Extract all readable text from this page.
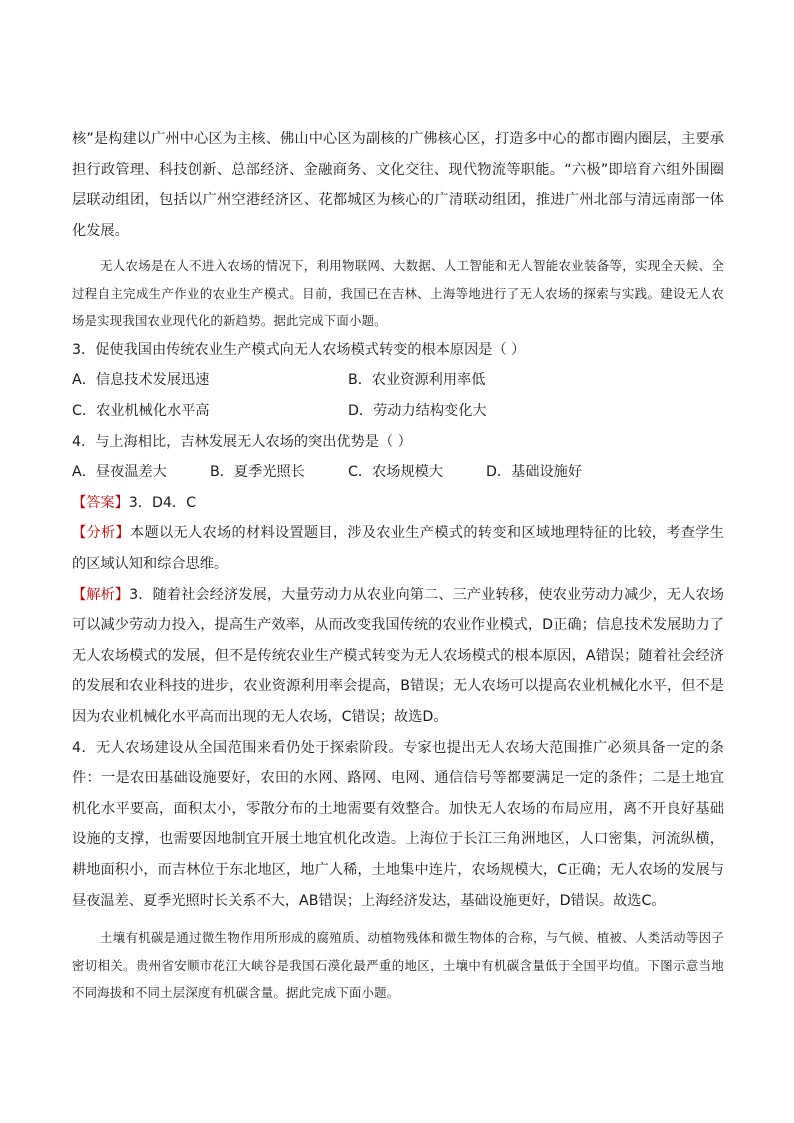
核”是构建以广州中心区为主核、佛山中心区为副核的广佛核心区，打造多中心的都市圈内圈层，主要承担行政管理、科技创新、总部经济、金融商务、文化交往、现代物流等职能。“六极”即培育六组外围圈层联动组团，包括以广州空港经济区、花都城区为核心的广清联动组团，推进广州北部与清远南部一体化发展。

无人农场是在人不进入农场的情况下，利用物联网、大数据、人工智能和无人智能农业装备等，实现全天候、全过程自主完成生产作业的农业生产模式。目前，我国已在吉林、上海等地进行了无人农场的探索与实践。建设无人农场是实现我国农业现代化的新趋势。据此完成下面小题。

3．促使我国由传统农业生产模式向无人农场模式转变的根本原因是（ ）

A．信息技术发展迅速	B．农业资源利用率低
C．农业机械化水平高	D．劳动力结构变化大

4．与上海相比，吉林发展无人农场的突出优势是（ ）

A．昼夜温差大	B．夏季光照长	C．农场规模大	D．基础设施好

【答案】3．D4．C

【分析】本题以无人农场的材料设置题目，涉及农业生产模式的转变和区域地理特征的比较，考查学生的区域认知和综合思维。

【解析】3．随着社会经济发展，大量劳动力从农业向第二、三产业转移，使农业劳动力减少，无人农场可以减少劳动力投入，提高生产效率，从而改变我国传统的农业作业模式，D正确；信息技术发展助力了无人农场模式的发展，但不是传统农业生产模式转变为无人农场模式的根本原因，A错误；随着社会经济的发展和农业科技的进步，农业资源利用率会提高，B错误；无人农场可以提高农业机械化水平，但不是因为农业机械化水平高而出现的无人农场，C错误；故选D。

4．无人农场建设从全国范围来看仍处于探索阶段。专家也提出无人农场大范围推广必须具备一定的条件：一是农田基础设施要好，农田的水网、路网、电网、通信信号等都要满足一定的条件；二是土地宜机化水平要高，面积太小，零散分布的土地需要有效整合。加快无人农场的布局应用，离不开良好基础设施的支撑，也需要因地制宜开展土地宜机化改造。上海位于长江三角洲地区，人口密集，河流纵横，耕地面积小，而吉林位于东北地区，地广人稀，土地集中连片，农场规模大，C正确；无人农场的发展与昼夜温差、夏季光照时长关系不大，AB错误；上海经济发达，基础设施更好，D错误。故选C。

土壤有机碳是通过微生物作用所形成的腐殖质、动植物残体和微生物体的合称，与气候、植被、人类活动等因子密切相关。贵州省安顺市花江大峡谷是我国石漠化最严重的地区，土壤中有机碳含量低于全国平均值。下图示意当地不同海拔和不同土层深度有机碳含量。据此完成下面小题。
